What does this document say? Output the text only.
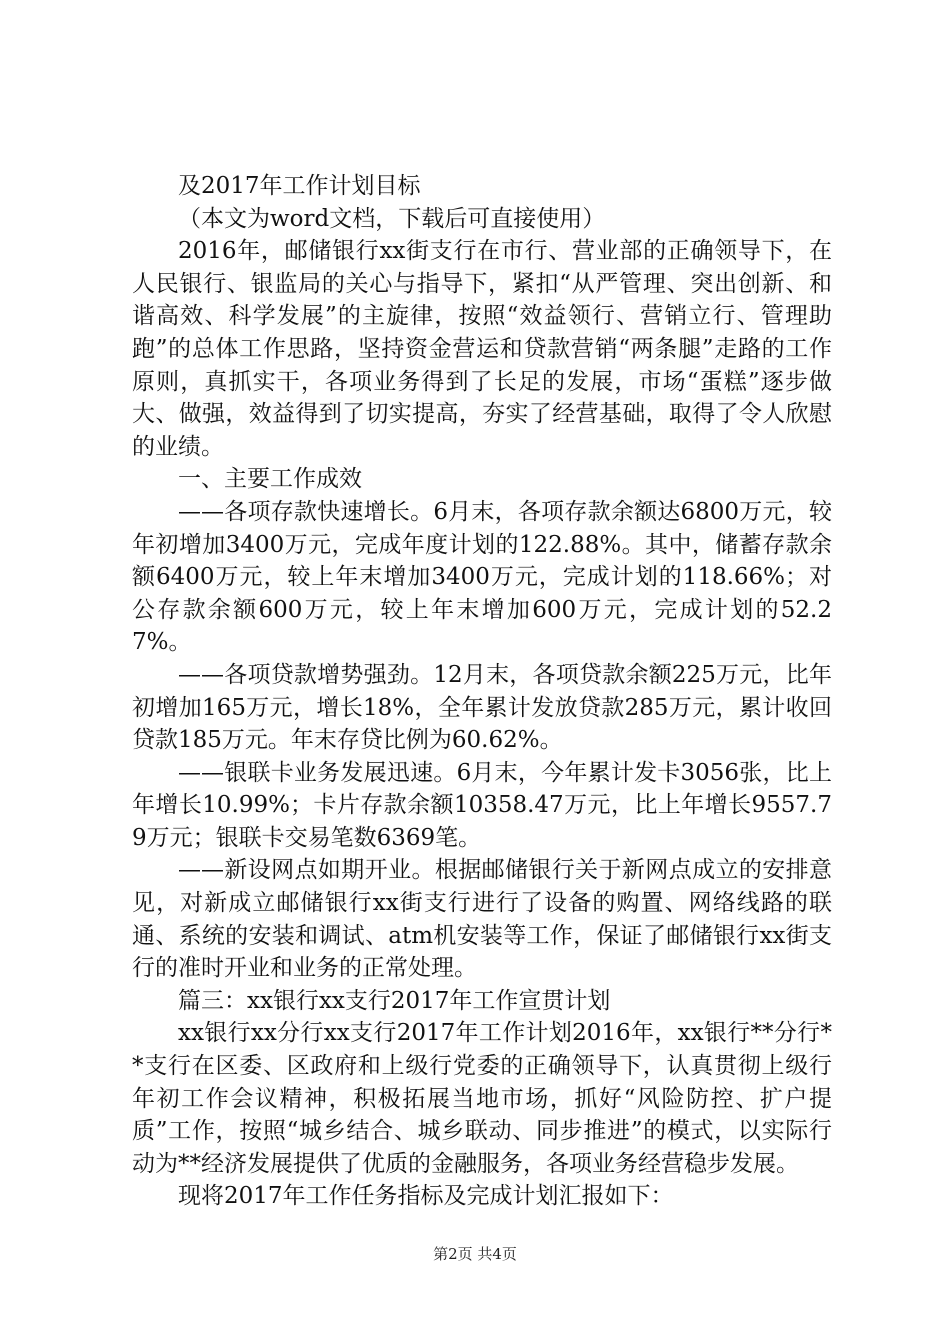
及2017年工作计划目标

（本文为word文档，下载后可直接使用）

2016年，邮储银行xx街支行在市行、营业部的正确领导下，在人民银行、银监局的关心与指导下，紧扣“从严管理、突出创新、和谐高效、科学发展”的主旋律，按照“效益领行、营销立行、管理助跑”的总体工作思路，坚持资金营运和贷款营销“两条腿”走路的工作原则，真抓实干，各项业务得到了长足的发展，市场“蛋糕”逐步做大、做强，效益得到了切实提高，夯实了经营基础，取得了令人欣慰的业绩。

一、主要工作成效

——各项存款快速增长。6月末，各项存款余额达6800万元，较年初增加3400万元，完成年度计划的122.88%。其中，储蓄存款余额6400万元，较上年末增加3400万元，完成计划的118.66%；对公存款余额600万元，较上年末增加600万元，完成计划的52.27%。

——各项贷款增势强劲。12月末，各项贷款余额225万元，比年初增加165万元，增长18%，全年累计发放贷款285万元，累计收回贷款185万元。年末存贷比例为60.62%。

——银联卡业务发展迅速。6月末，今年累计发卡3056张，比上年增长10.99%；卡片存款余额10358.47万元，比上年增长9557.79万元；银联卡交易笔数6369笔。

——新设网点如期开业。根据邮储银行关于新网点成立的安排意见，对新成立邮储银行xx街支行进行了设备的购置、网络线路的联通、系统的安装和调试、atm机安装等工作，保证了邮储银行xx街支行的准时开业和业务的正常处理。

篇三：xx银行xx支行2017年工作宣贯计划

xx银行xx分行xx支行2017年工作计划2016年，xx银行**分行**支行在区委、区政府和上级行党委的正确领导下，认真贯彻上级行年初工作会议精神，积极拓展当地市场，抓好“风险防控、扩户提质”工作，按照“城乡结合、城乡联动、同步推进”的模式，以实际行动为**经济发展提供了优质的金融服务，各项业务经营稳步发展。

现将2017年工作任务指标及完成计划汇报如下：

第2页 共4页
